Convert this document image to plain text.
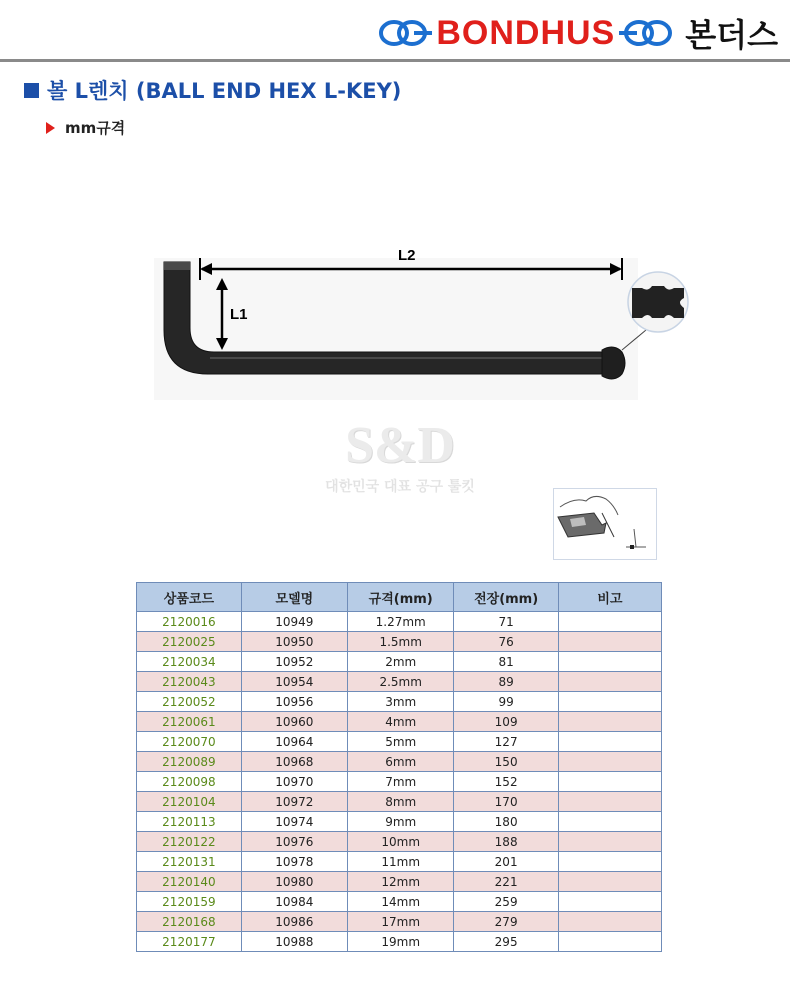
BONDHUS 본더스
볼 L렌치 (BALL END HEX L-KEY)
mm규격
L2
L1
S&D
대한민국 대표 공구 툴킷
상품코드	모델명	규격(mm)	전장(mm)	비고
2120016	10949	1.27mm	71	
2120025	10950	1.5mm	76	
2120034	10952	2mm	81	
2120043	10954	2.5mm	89	
2120052	10956	3mm	99	
2120061	10960	4mm	109	
2120070	10964	5mm	127	
2120089	10968	6mm	150	
2120098	10970	7mm	152	
2120104	10972	8mm	170	
2120113	10974	9mm	180	
2120122	10976	10mm	188	
2120131	10978	11mm	201	
2120140	10980	12mm	221	
2120159	10984	14mm	259	
2120168	10986	17mm	279	
2120177	10988	19mm	295	
